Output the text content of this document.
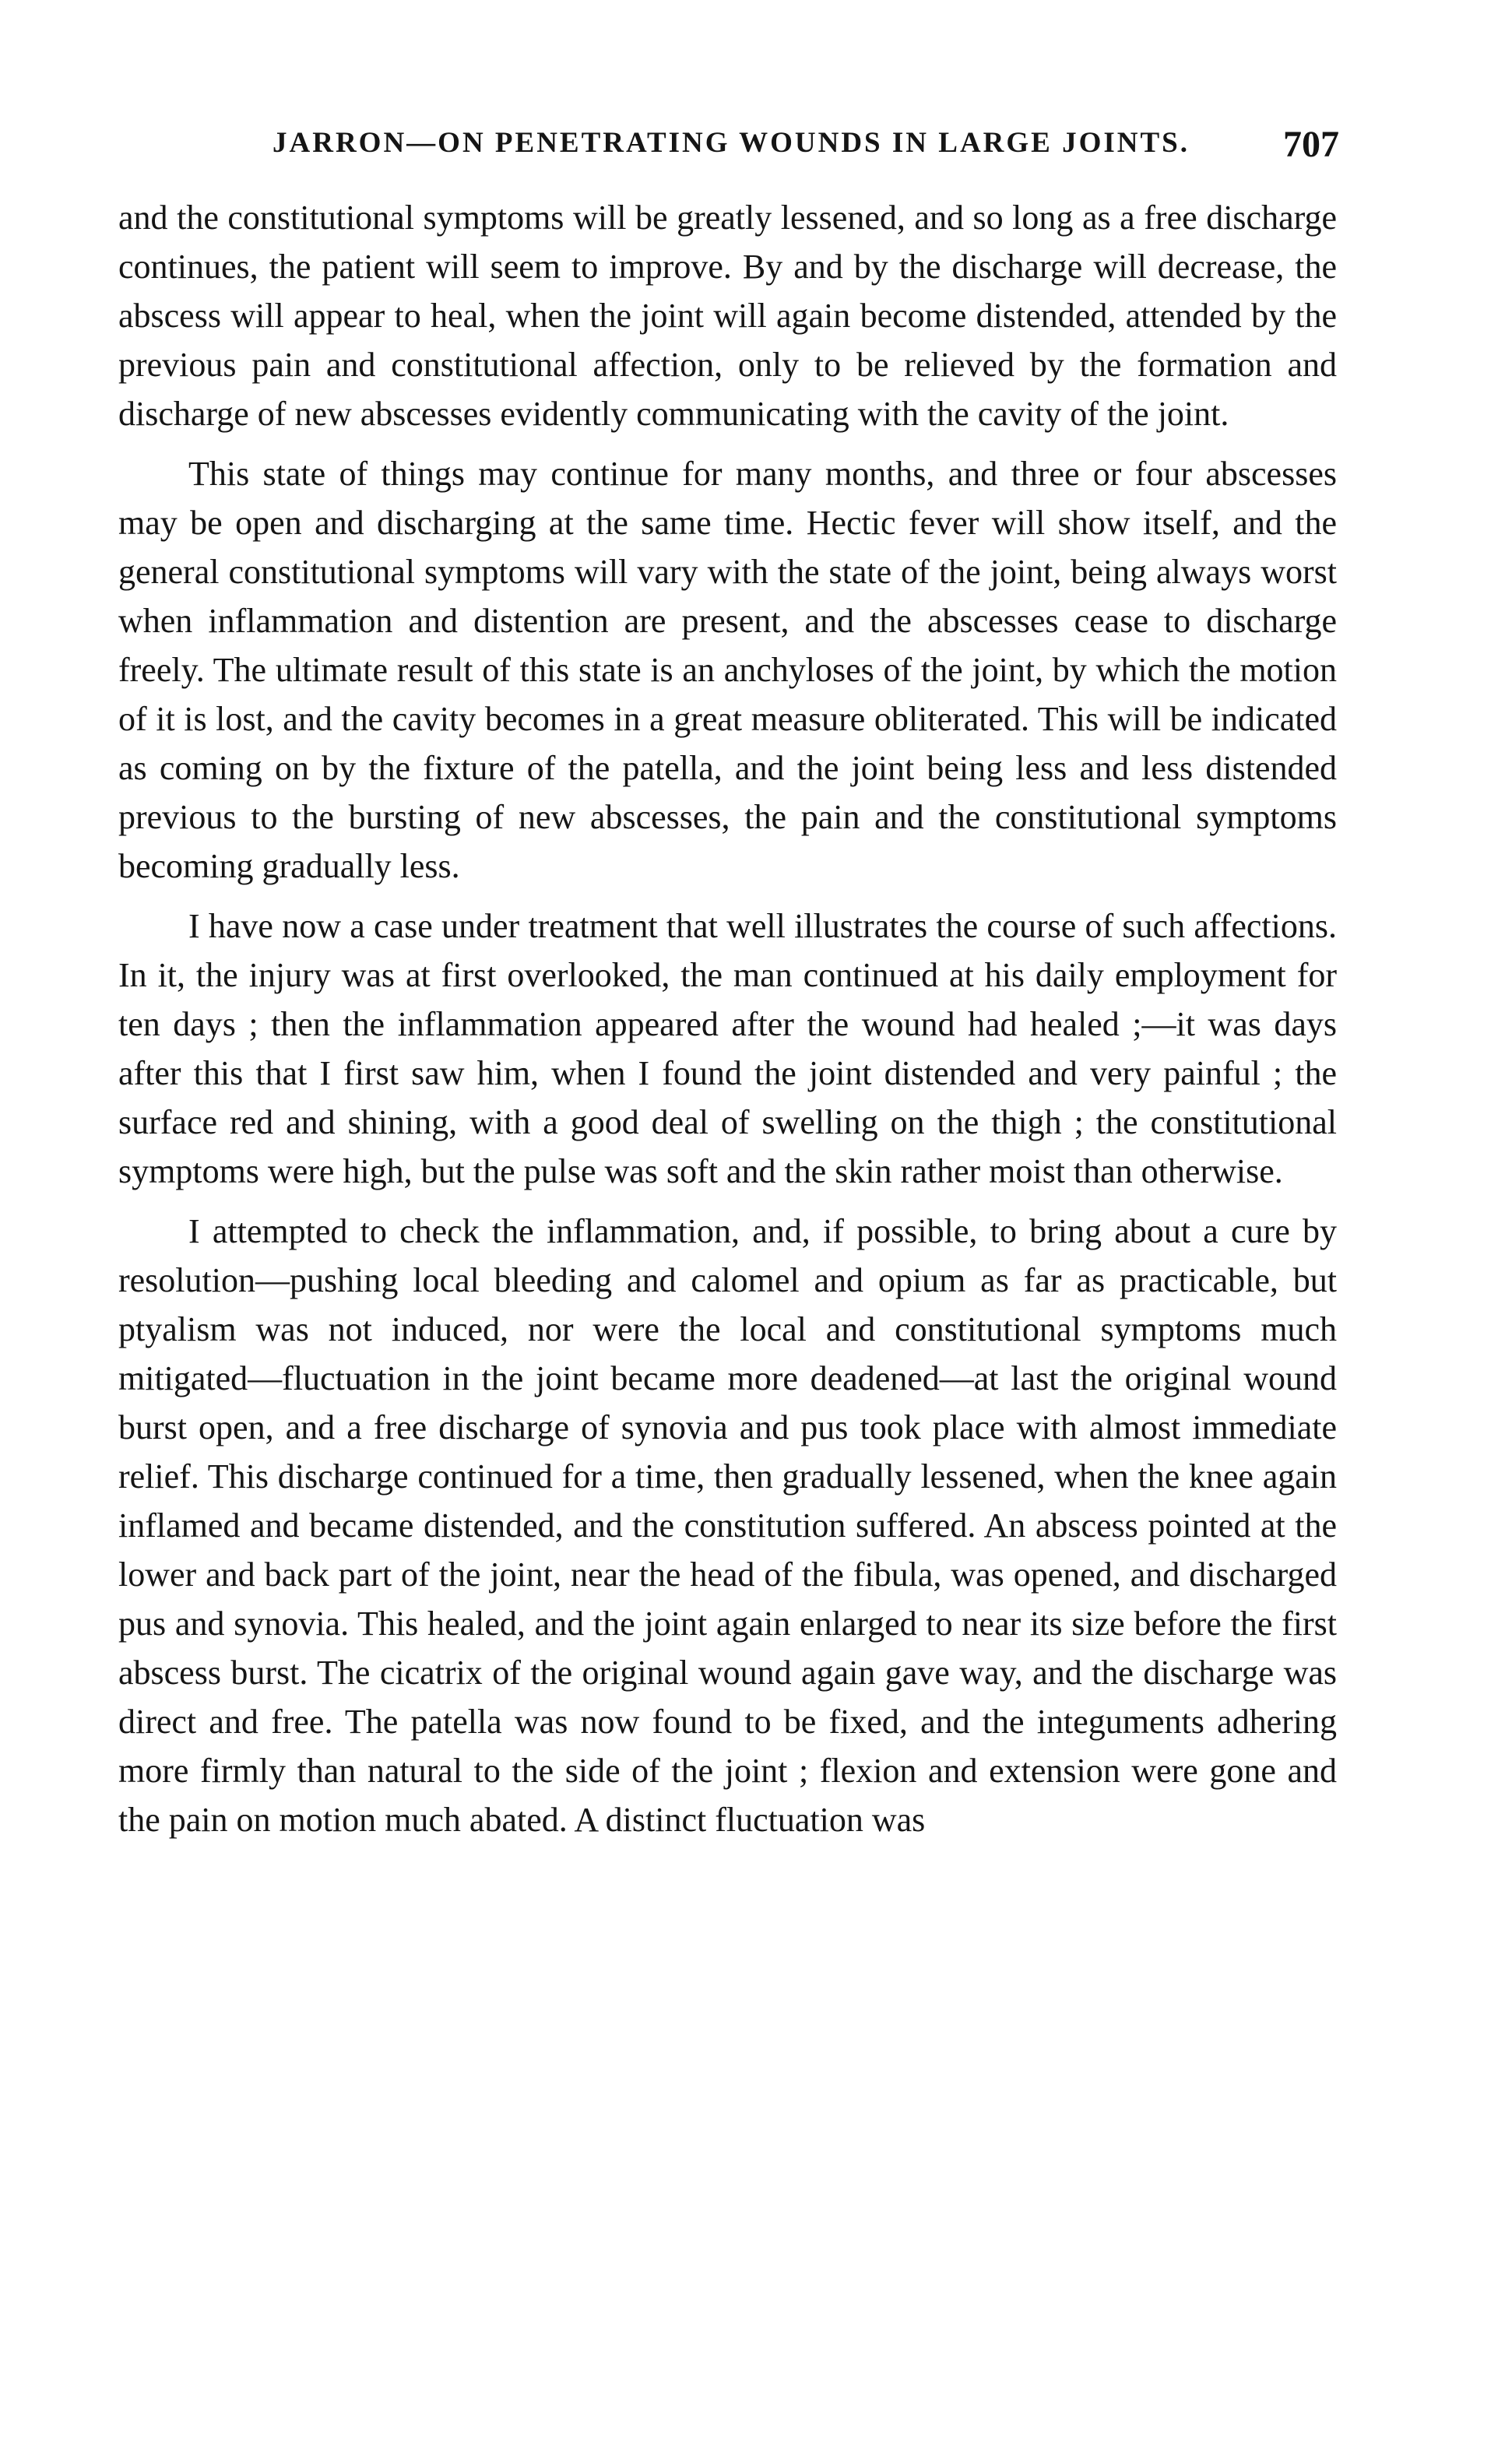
JARRON—ON PENETRATING WOUNDS IN LARGE JOINTS.	707

and the constitutional symptoms will be greatly lessened, and so long as a free discharge continues, the patient will seem to improve. By and by the discharge will decrease, the abscess will appear to heal, when the joint will again become distended, attended by the previous pain and constitutional affection, only to be relieved by the formation and discharge of new abscesses evidently communicating with the cavity of the joint.

This state of things may continue for many months, and three or four abscesses may be open and discharging at the same time. Hectic fever will show itself, and the general constitutional symptoms will vary with the state of the joint, being always worst when inflammation and distention are present, and the abscesses cease to discharge freely. The ultimate result of this state is an anchyloses of the joint, by which the motion of it is lost, and the cavity becomes in a great measure obliterated. This will be indicated as coming on by the fixture of the patella, and the joint being less and less distended previous to the bursting of new abscesses, the pain and the constitutional symptoms becoming gradually less.

I have now a case under treatment that well illustrates the course of such affections. In it, the injury was at first overlooked, the man continued at his daily employment for ten days ; then the inflammation appeared after the wound had healed ;—it was days after this that I first saw him, when I found the joint distended and very painful ; the surface red and shining, with a good deal of swelling on the thigh ; the constitutional symptoms were high, but the pulse was soft and the skin rather moist than otherwise.

I attempted to check the inflammation, and, if possible, to bring about a cure by resolution—pushing local bleeding and calomel and opium as far as practicable, but ptyalism was not induced, nor were the local and constitutional symptoms much mitigated—fluctuation in the joint became more deadened—at last the original wound burst open, and a free discharge of synovia and pus took place with almost immediate relief. This discharge continued for a time, then gradually lessened, when the knee again inflamed and became distended, and the constitution suffered. An abscess pointed at the lower and back part of the joint, near the head of the fibula, was opened, and discharged pus and synovia. This healed, and the joint again enlarged to near its size before the first abscess burst. The cicatrix of the original wound again gave way, and the discharge was direct and free. The patella was now found to be fixed, and the integuments adhering more firmly than natural to the side of the joint ; flexion and extension were gone and the pain on motion much abated. A distinct fluctuation was
